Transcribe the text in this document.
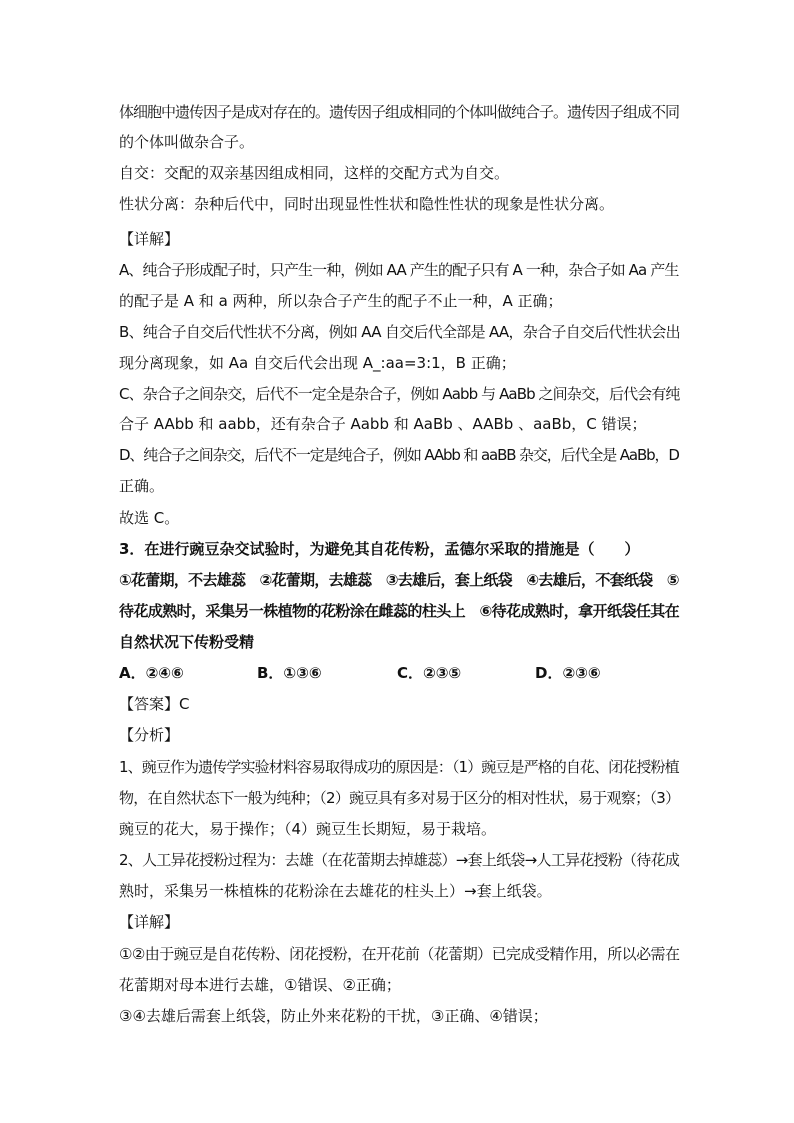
体细胞中遗传因子是成对存在的。遗传因子组成相同的个体叫做纯合子。遗传因子组成不同
的个体叫做杂合子。
自交：交配的双亲基因组成相同，这样的交配方式为自交。
性状分离：杂种后代中，同时出现显性性状和隐性性状的现象是性状分离。
【详解】
A、纯合子形成配子时，只产生一种，例如 AA 产生的配子只有 A 一种，杂合子如 Aa 产生
的配子是 A 和 a 两种，所以杂合子产生的配子不止一种，A 正确；
B、纯合子自交后代性状不分离，例如 AA 自交后代全部是 AA，杂合子自交后代性状会出
现分离现象，如 Aa 自交后代会出现 A_:aa=3:1，B 正确；
C、杂合子之间杂交，后代不一定全是杂合子，例如 Aabb 与 AaBb 之间杂交，后代会有纯
合子 AAbb 和 aabb，还有杂合子 Aabb 和 AaBb 、AABb 、aaBb，C 错误；
D、纯合子之间杂交，后代不一定是纯合子，例如 AAbb 和 aaBB 杂交，后代全是 AaBb，D
正确。
故选 C。
3．在进行豌豆杂交试验时，为避免其自花传粉，孟德尔采取的措施是（　　）
①花蕾期，不去雄蕊　②花蕾期，去雄蕊　③去雄后，套上纸袋　④去雄后，不套纸袋　⑤
待花成熟时，采集另一株植物的花粉涂在雌蕊的柱头上　⑥待花成熟时，拿开纸袋任其在
自然状况下传粉受精
A．②④⑥	B．①③⑥	C．②③⑤	D．②③⑥
【答案】C
【分析】
1、豌豆作为遗传学实验材料容易取得成功的原因是：（1）豌豆是严格的自花、闭花授粉植
物，在自然状态下一般为纯种；（2）豌豆具有多对易于区分的相对性状，易于观察；（3）
豌豆的花大，易于操作；（4）豌豆生长期短，易于栽培。
2、人工异花授粉过程为：去雄（在花蕾期去掉雄蕊）→套上纸袋→人工异花授粉（待花成
熟时，采集另一株植株的花粉涂在去雄花的柱头上）→套上纸袋。
【详解】
①②由于豌豆是自花传粉、闭花授粉，在开花前（花蕾期）已完成受精作用，所以必需在
花蕾期对母本进行去雄，①错误、②正确；
③④去雄后需套上纸袋，防止外来花粉的干扰，③正确、④错误；
